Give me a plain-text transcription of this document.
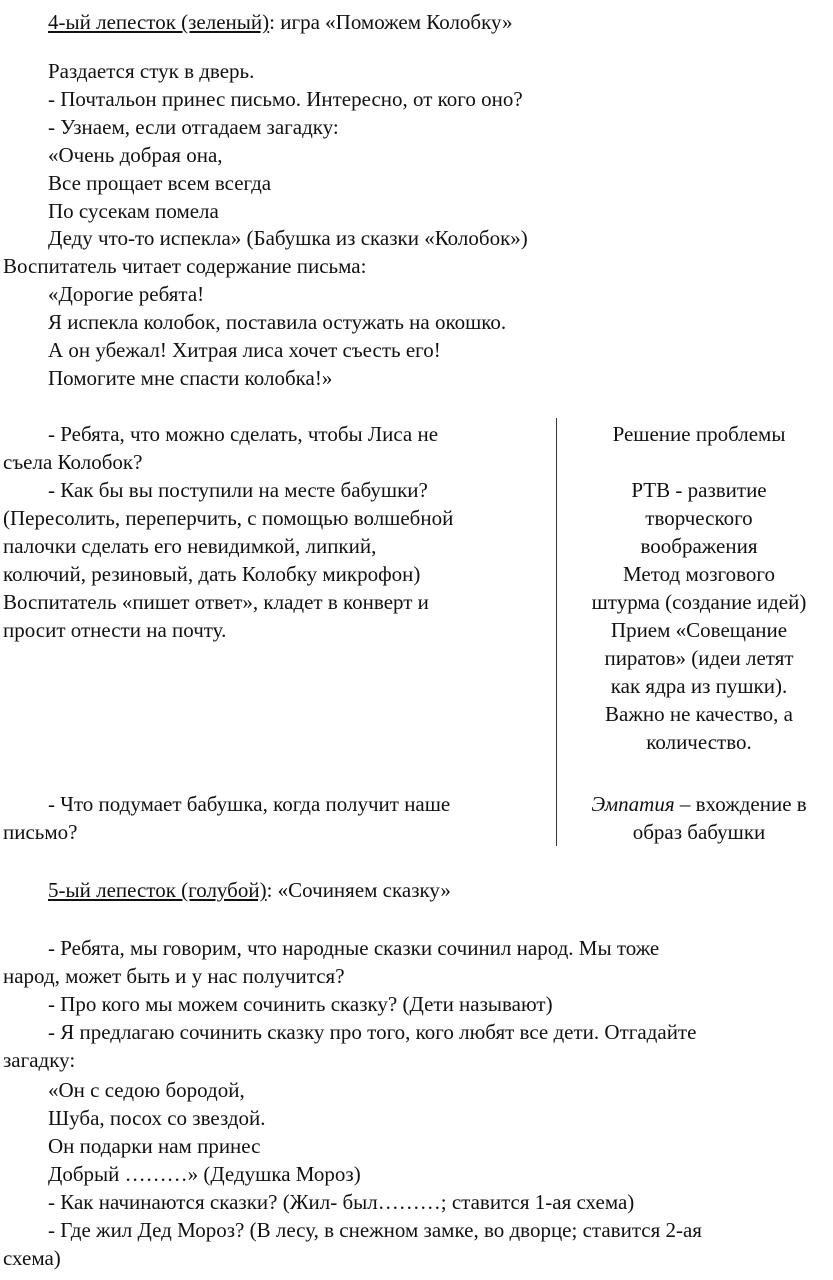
4-ый лепесток (зеленый): игра «Поможем Колобку»
Раздается стук в дверь.
- Почтальон принес письмо. Интересно, от кого оно?
- Узнаем, если отгадаем загадку:
«Очень добрая она,
Все прощает всем всегда
По сусекам помела
Деду что-то испекла» (Бабушка из сказки «Колобок»)
Воспитатель читает содержание письма:
«Дорогие ребята!
Я испекла колобок, поставила остужать на окошко.
А он убежал! Хитрая лиса хочет съесть его!
Помогите мне спасти колобка!»
- Ребята, что можно сделать, чтобы Лиса не
съела Колобок?
- Как бы вы поступили на месте бабушки?
(Пересолить, переперчить, с помощью волшебной
палочки сделать его невидимкой, липкий,
колючий, резиновый, дать Колобку микрофон)
Воспитатель «пишет ответ», кладет в конверт и
просит отнести на почту.
- Что подумает бабушка, когда получит наше
письмо?
Решение проблемы
РТВ - развитие
творческого
воображения
Метод мозгового
штурма (создание идей)
Прием «Совещание
пиратов» (идеи летят
как ядра из пушки).
Важно не качество, а
количество.
Эмпатия – вхождение в
образ бабушки
5-ый лепесток (голубой): «Сочиняем сказку»
- Ребята, мы говорим, что народные сказки сочинил народ. Мы тоже
народ, может быть и у нас получится?
- Про кого мы можем сочинить сказку? (Дети называют)
- Я предлагаю сочинить сказку про того, кого любят все дети. Отгадайте
загадку:
«Он с седою бородой,
Шуба, посох со звездой.
Он подарки нам принес
Добрый ………» (Дедушка Мороз)
- Как начинаются сказки? (Жил- был………; ставится 1-ая схема)
- Где жил Дед Мороз? (В лесу, в снежном замке, во дворце; ставится 2-ая
схема)
